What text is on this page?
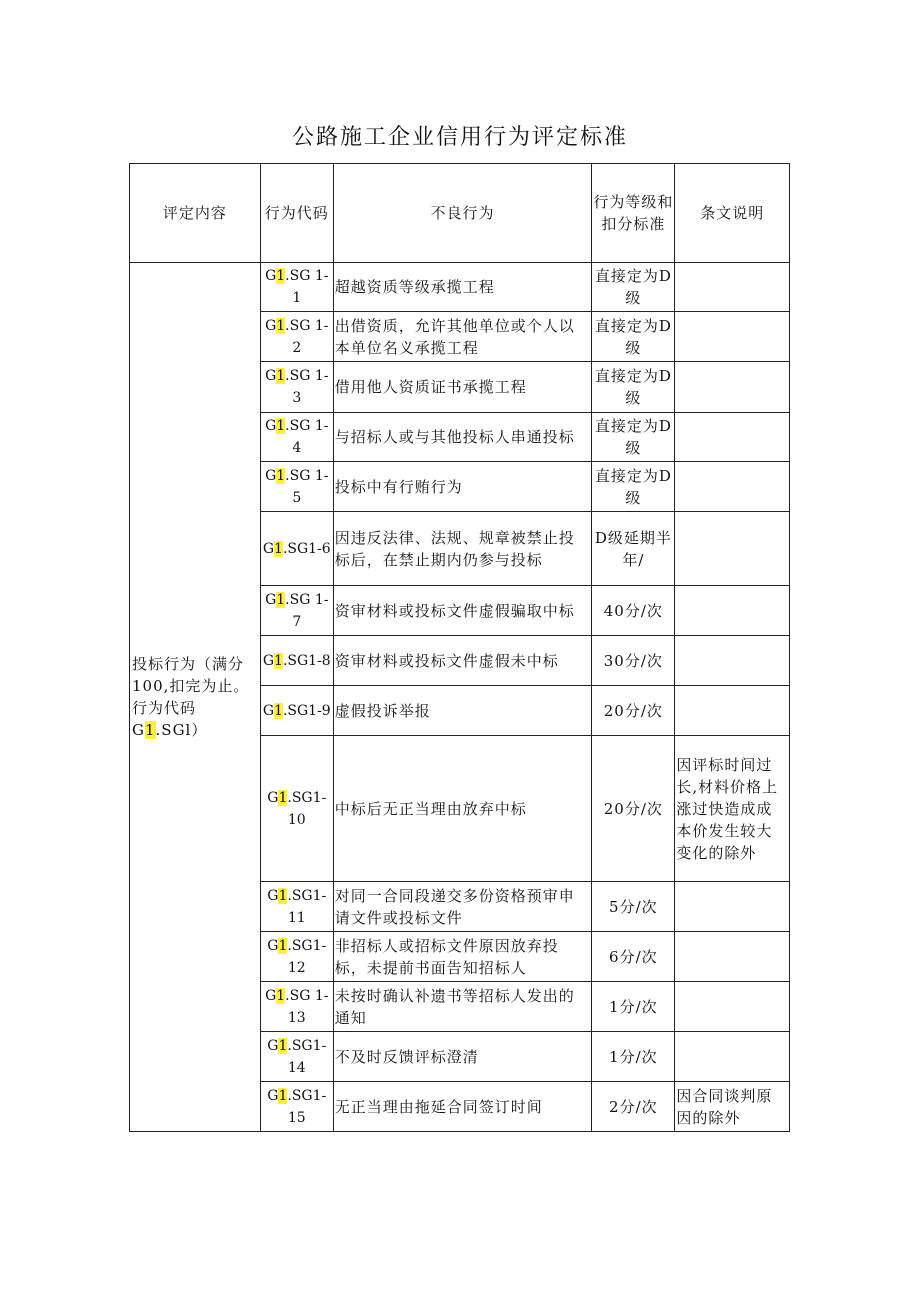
公路施工企业信用行为评定标准
评定内容	行为代码	不良行为	行为等级和扣分标准	条文说明
投标行为（满分100,扣完为止。行为代码G1.SGl）	G1.SG 1-1	超越资质等级承揽工程	直接定为D级	
	G1.SG 1-2	出借资质，允许其他单位或个人以本单位名义承揽工程	直接定为D级	
	G1.SG 1-3	借用他人资质证书承揽工程	直接定为D级	
	G1.SG 1-4	与招标人或与其他投标人串通投标	直接定为D级	
	G1.SG 1-5	投标中有行贿行为	直接定为D级	
	G1.SG1-6	因违反法律、法规、规章被禁止投标后，在禁止期内仍参与投标	D级延期半年/	
	G1.SG 1-7	资审材料或投标文件虚假骗取中标	40分/次	
	G1.SG1-8	资审材料或投标文件虚假未中标	30分/次	
	G1.SG1-9	虚假投诉举报	20分/次	
	G1.SG1- 10	中标后无正当理由放弃中标	20分/次	因评标时间过长,材料价格上涨过快造成成本价发生较大变化的除外
	G1.SG1- 11	对同一合同段递交多份资格预审申请文件或投标文件	5分/次	
	G1.SG1- 12	非招标人或招标文件原因放弃投标，未提前书面告知招标人	6分/次	
	G1.SG 1-13	未按时确认补遗书等招标人发出的通知	1分/次	
	G1.SG1- 14	不及时反馈评标澄清	1分/次	
	G1.SG1- 15	无正当理由拖延合同签订时间	2分/次	因合同谈判原因的除外
